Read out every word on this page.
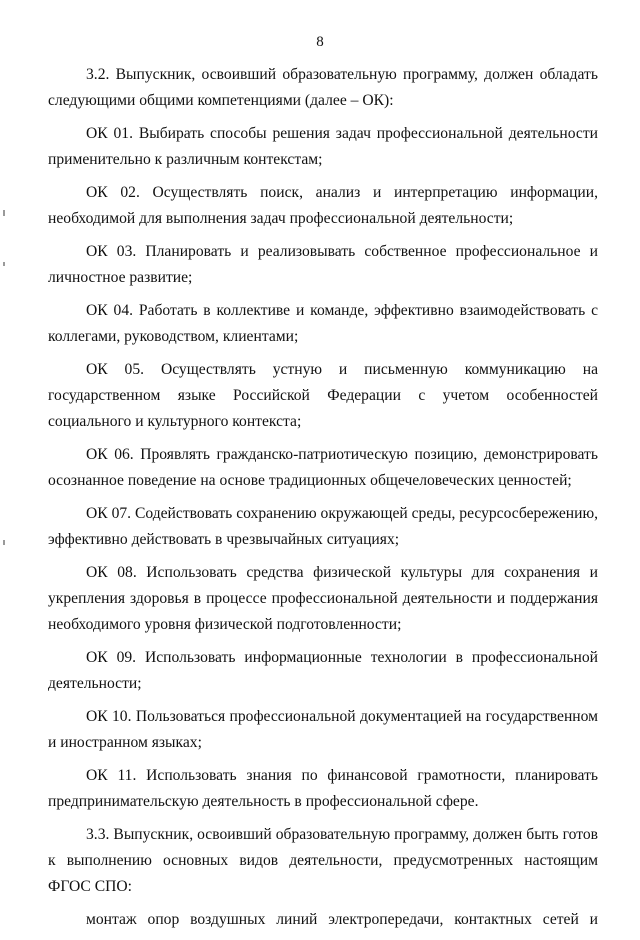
8

3.2. Выпускник, освоивший образовательную программу, должен обладать следующими общими компетенциями (далее – ОК):

ОК 01. Выбирать способы решения задач профессиональной деятельности применительно к различным контекстам;

ОК 02. Осуществлять поиск, анализ и интерпретацию информации, необходимой для выполнения задач профессиональной деятельности;

ОК 03. Планировать и реализовывать собственное профессиональное и личностное развитие;

ОК 04. Работать в коллективе и команде, эффективно взаимодействовать с коллегами, руководством, клиентами;

ОК 05. Осуществлять устную и письменную коммуникацию на государственном языке Российской Федерации с учетом особенностей социального и культурного контекста;

ОК 06. Проявлять гражданско-патриотическую позицию, демонстрировать осознанное поведение на основе традиционных общечеловеческих ценностей;

ОК 07. Содействовать сохранению окружающей среды, ресурсосбережению, эффективно действовать в чрезвычайных ситуациях;

ОК 08. Использовать средства физической культуры для сохранения и укрепления здоровья в процессе профессиональной деятельности и поддержания необходимого уровня физической подготовленности;

ОК 09. Использовать информационные технологии в профессиональной деятельности;

ОК 10. Пользоваться профессиональной документацией на государственном и иностранном языках;

ОК 11. Использовать знания по финансовой грамотности, планировать предпринимательскую деятельность в профессиональной сфере.

3.3. Выпускник, освоивший образовательную программу, должен быть готов к выполнению основных видов деятельности, предусмотренных настоящим ФГОС СПО:

монтаж опор воздушных линий электропередачи, контактных сетей и
